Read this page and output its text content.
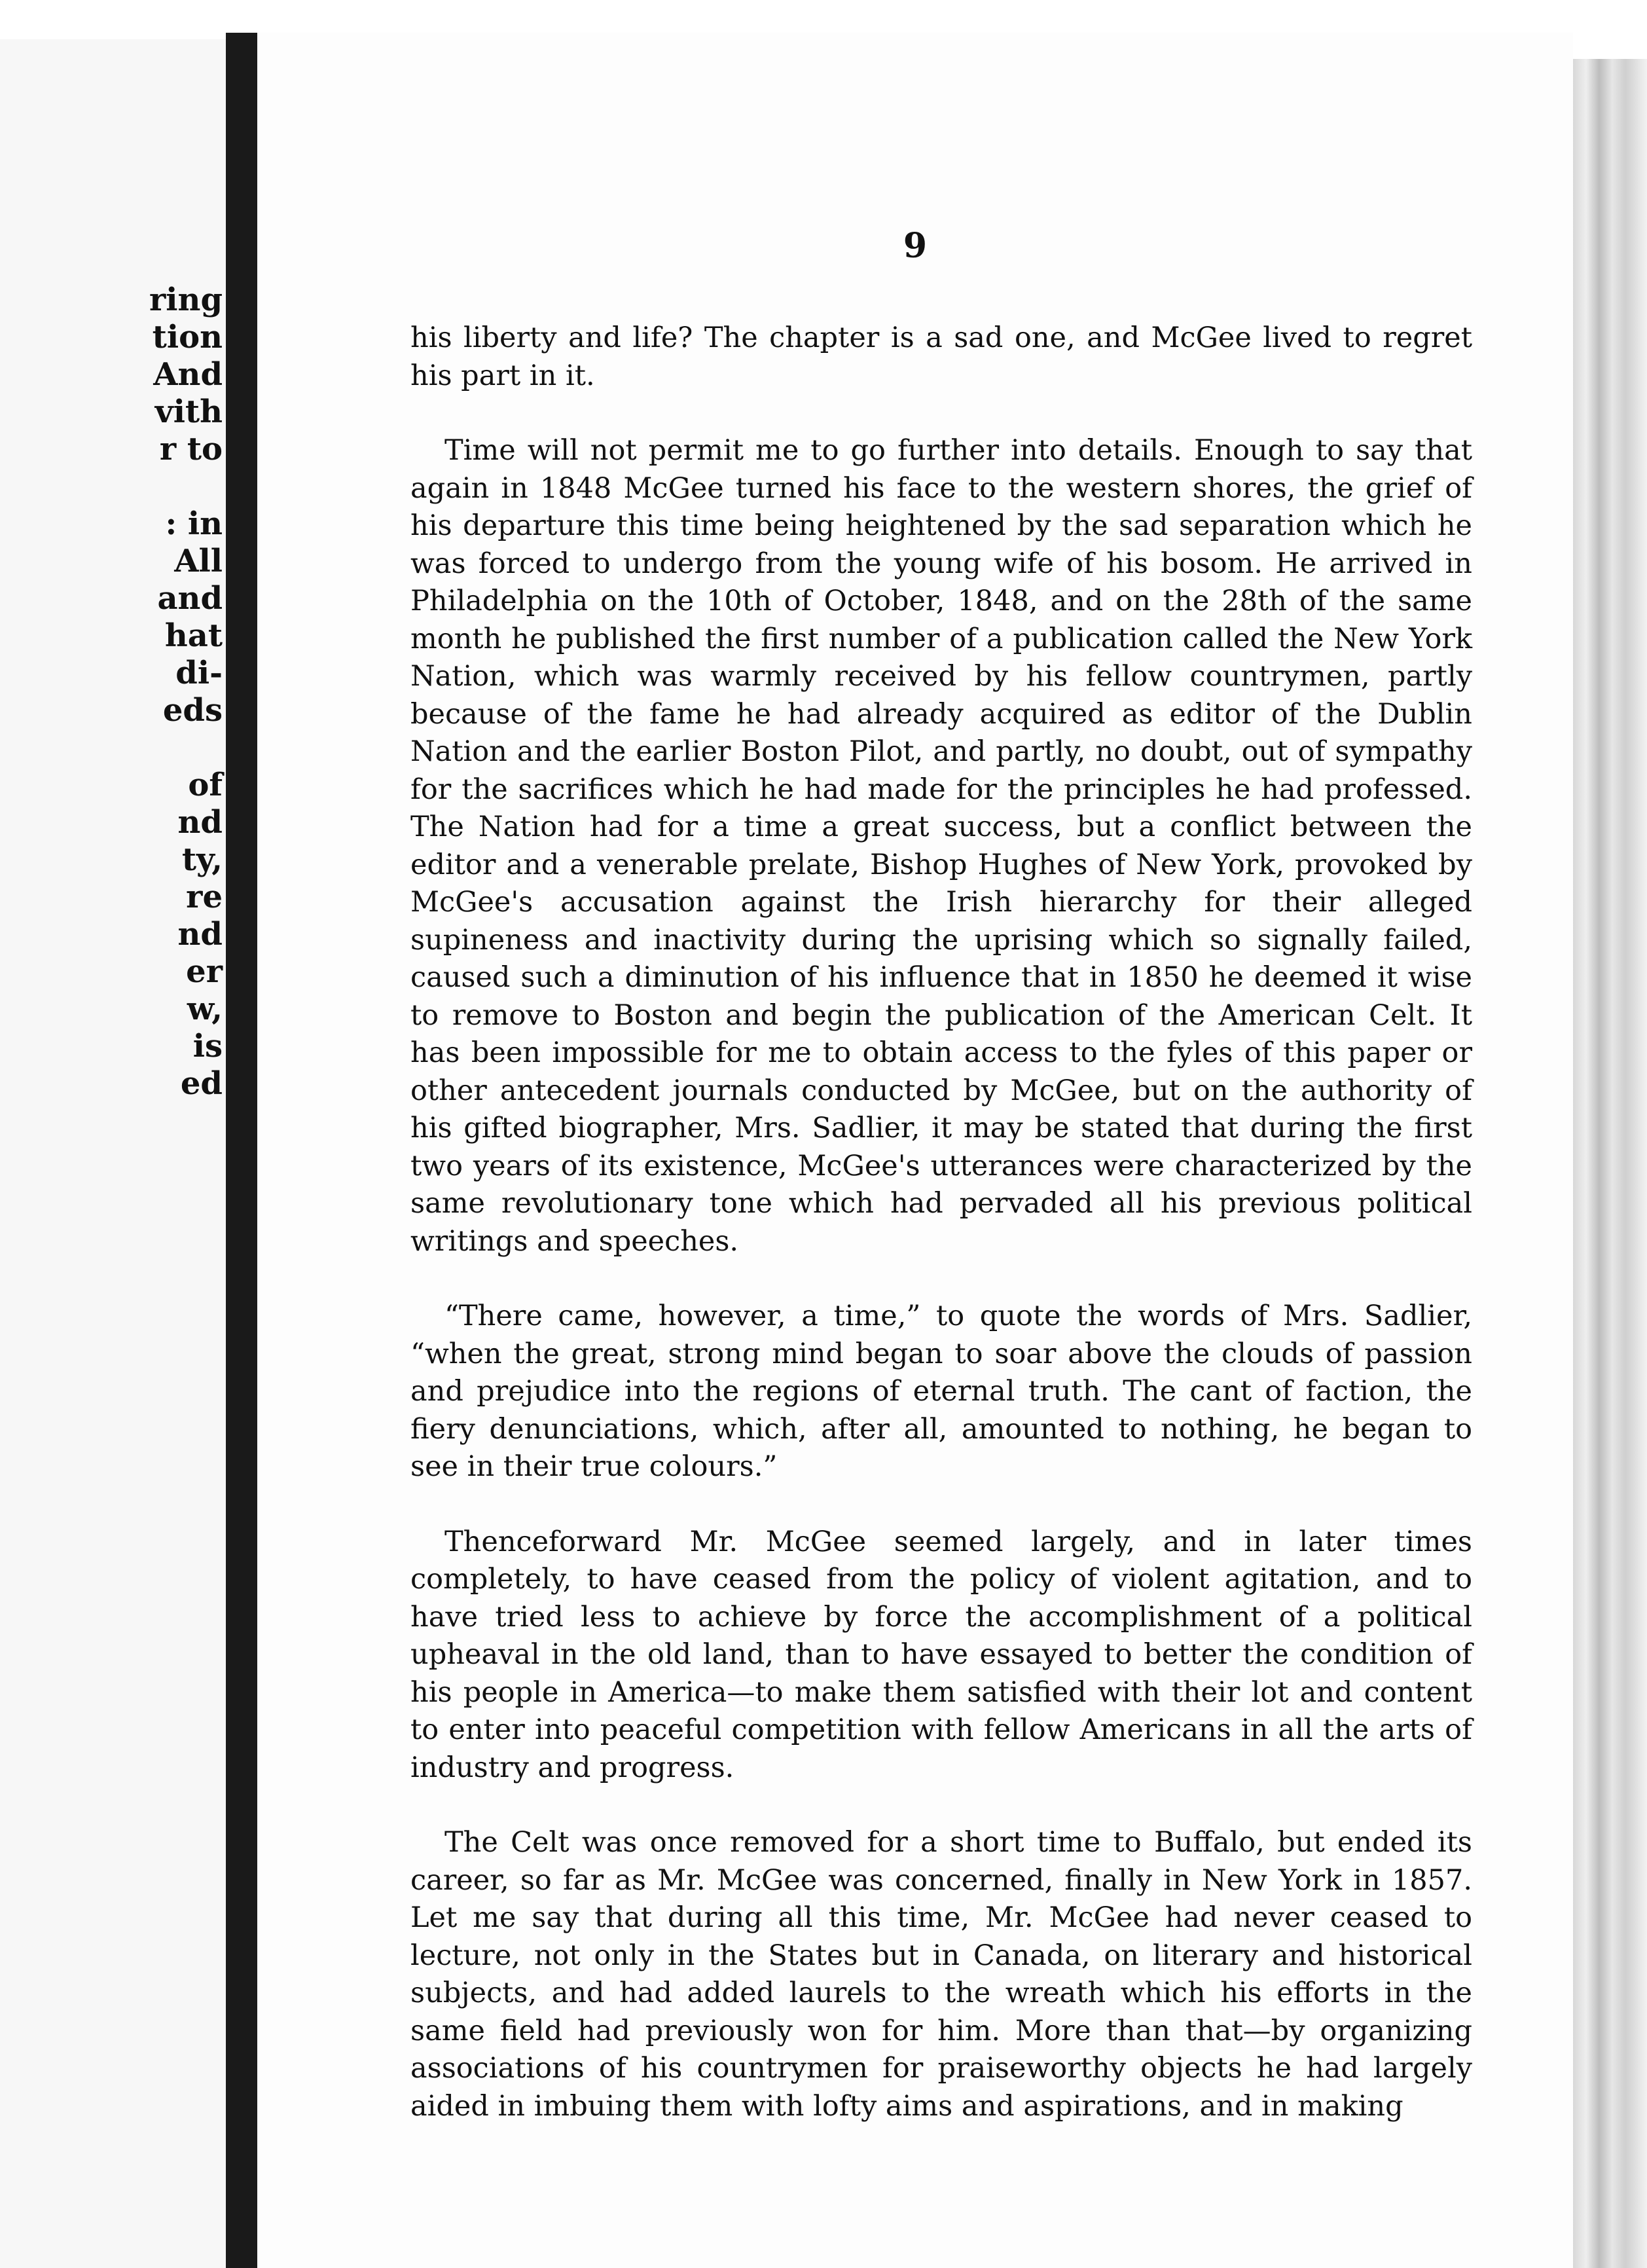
ring
tion
And
vith
r to
: in
All
and
hat
di-
eds
of
nd
ty,
re
nd
er
w,
is
ed
9

his liberty and life? The chapter is a sad one, and McGee lived to regret his part in it.

Time will not permit me to go further into details. Enough to say that again in 1848 McGee turned his face to the western shores, the grief of his departure this time being heightened by the sad separation which he was forced to undergo from the young wife of his bosom. He arrived in Philadelphia on the 10th of October, 1848, and on the 28th of the same month he published the first number of a publication called the New York Nation, which was warmly received by his fellow countrymen, partly because of the fame he had already acquired as editor of the Dublin Nation and the earlier Boston Pilot, and partly, no doubt, out of sympathy for the sacrifices which he had made for the principles he had professed. The Nation had for a time a great success, but a conflict between the editor and a venerable prelate, Bishop Hughes of New York, provoked by McGee's accusation against the Irish hierarchy for their alleged supineness and inactivity during the uprising which so signally failed, caused such a diminution of his influence that in 1850 he deemed it wise to remove to Boston and begin the publication of the American Celt. It has been impossible for me to obtain access to the fyles of this paper or other antecedent journals conducted by McGee, but on the authority of his gifted biographer, Mrs. Sadlier, it may be stated that during the first two years of its existence, McGee's utterances were characterized by the same revolutionary tone which had pervaded all his previous political writings and speeches.

“There came, however, a time,” to quote the words of Mrs. Sadlier, “when the great, strong mind began to soar above the clouds of passion and prejudice into the regions of eternal truth. The cant of faction, the fiery denunciations, which, after all, amounted to nothing, he began to see in their true colours.”

Thenceforward Mr. McGee seemed largely, and in later times completely, to have ceased from the policy of violent agitation, and to have tried less to achieve by force the accomplishment of a political upheaval in the old land, than to have essayed to better the condition of his people in America—to make them satisfied with their lot and content to enter into peaceful competition with fellow Americans in all the arts of industry and progress.

The Celt was once removed for a short time to Buffalo, but ended its career, so far as Mr. McGee was concerned, finally in New York in 1857. Let me say that during all this time, Mr. McGee had never ceased to lecture, not only in the States but in Canada, on literary and historical subjects, and had added laurels to the wreath which his efforts in the same field had previously won for him. More than that—by organizing associations of his countrymen for praiseworthy objects he had largely aided in imbuing them with lofty aims and aspirations, and in making
